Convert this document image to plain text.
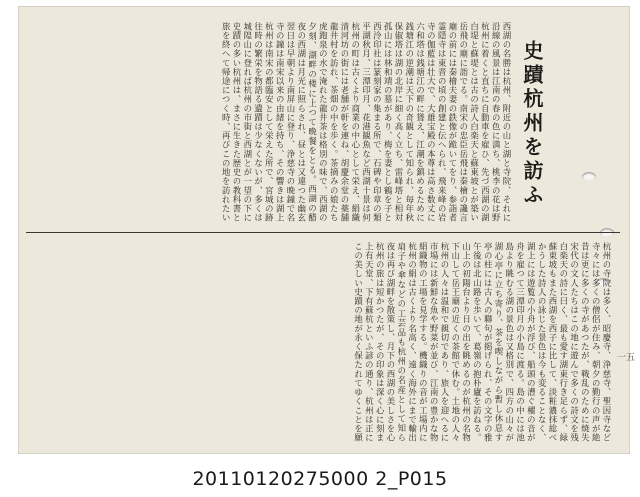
史蹟杭州を訪ふ
一五
20110120275000 2_P015
西湖の名勝は杭州、附近の山と湖と寺院、それに
沿線の風景は江南の春の色に満ち、桃李の花は野
杭州に着くと直ちに自動車を雇ひ、先づ西湖の湖
白堤と蘇堤とは古の詩人白楽天と蘇東坡とが築い
岳飛の廟に詣でる。南宋の忠臣岳飛は秦檜の讒言
廟の前には秦檜夫妻の鉄像が跪いてをり、参詣者
霊隠寺は東晋の頃の創建と伝へられ、飛来峰の岩
寺の伽藍は壮大で、大雄宝殿の本尊は高さ数丈に
六和塔は銭塘江の畔に聳え、江潮を鎮めるために
銭塘江の逆潮は天下の奇観として知られ、毎年秋
保俶塔は湖の北岸に細く高く立ち、雷峰塔と相対
孤山には林和靖の墓があり、梅を妻とし鶴を子と
西泠印社は篆刻家の集まる所で、石碑や印章の類
平湖秋月、三潭印月、花港観魚など西湖十景は何
杭州の町は古くより商業の中心として栄え、絹織
清河坊の街には老舗が軒を連ね、胡慶余堂の薬舗
龍井村を訪れ、茶畑の中を歩く。茶摘みの娘たち
虎跑泉の水で淹れた龍井茶は格別の味で、西湖の
夕刻、湖畔の楼に上つて晩餐をとる。西湖の醋
夜の西湖は月光に照らされ、昼とは又違つた幽玄
翌日は早朝より南屏山に登り、浄慈寺の晩鐘で名
寺の鐘は南宋以来の由緒を持ち、その響きは湖上
杭州は南宋の都臨安として栄えた所で、宮城の跡
往時の繁栄を物語る遺蹟は少なくないが、多くは
城隍山に登れば杭州の市街と西湖とが一望の下に
史蹟の多い杭州は、まさに生きた歴史の教科書と
旅を終へて帰途につく時、再びこの地を訪れたい
杭州の寺院は多く、昭慶寺、浄慈寺、聖因寺など
寺々には多くの僧侶が住み、朝夕の勤行の声が絶
昔は更に多くの寺があつたが、戦乱のために焼失
宋代の文人たちはこの地に遊んで多くの詩文を残
白楽天の詩に曰く、最も愛す湖東行き足らず、緑
蘇東坡もまた西湖を西子に比して、淡粧濃抹総べ
かうした詩人の詠じた景色は今も変ることなく、
湖上には遊覧の小舟が浮び、船頭の漕ぐ櫂の音が
舟を雇つて三潭印月の小島に渡る。島の中には池
島より眺むる湖の景色は又格別で、四方の山々が
湖心亭に立ち寄り、茶を喫しながら暫し休息す
亭の柱には古人の聯句が掲げられ、その文字の雅
午後は北山路を歩いて、葛嶺の抱朴廬を訪ねる。
山上の初陽台より日の出を眺めるのが杭州の名物
下山して岳王廟の近くの茶館で休む。土地の人々
杭州の人々は温和で親切であり、旅人を迎へるに
市場には新鮮な魚や野菜が並び、江南の豊かな物
絹織物の工場を見学する。機織りの音が工場内に
杭州の絹は古くより名高く、遠く海外にまで輸出
扇子や傘などの工芸品も杭州の名産として知ら
夜は再び湖畔を散策し、月下の西湖の美しさを心
杭州の旅は短かつたが、その印象は深く心に刻ま
上有天堂、下有蘇杭といふ諺の通り、杭州は正に
この美しい史蹟の地が永く保たれてゆくことを願
